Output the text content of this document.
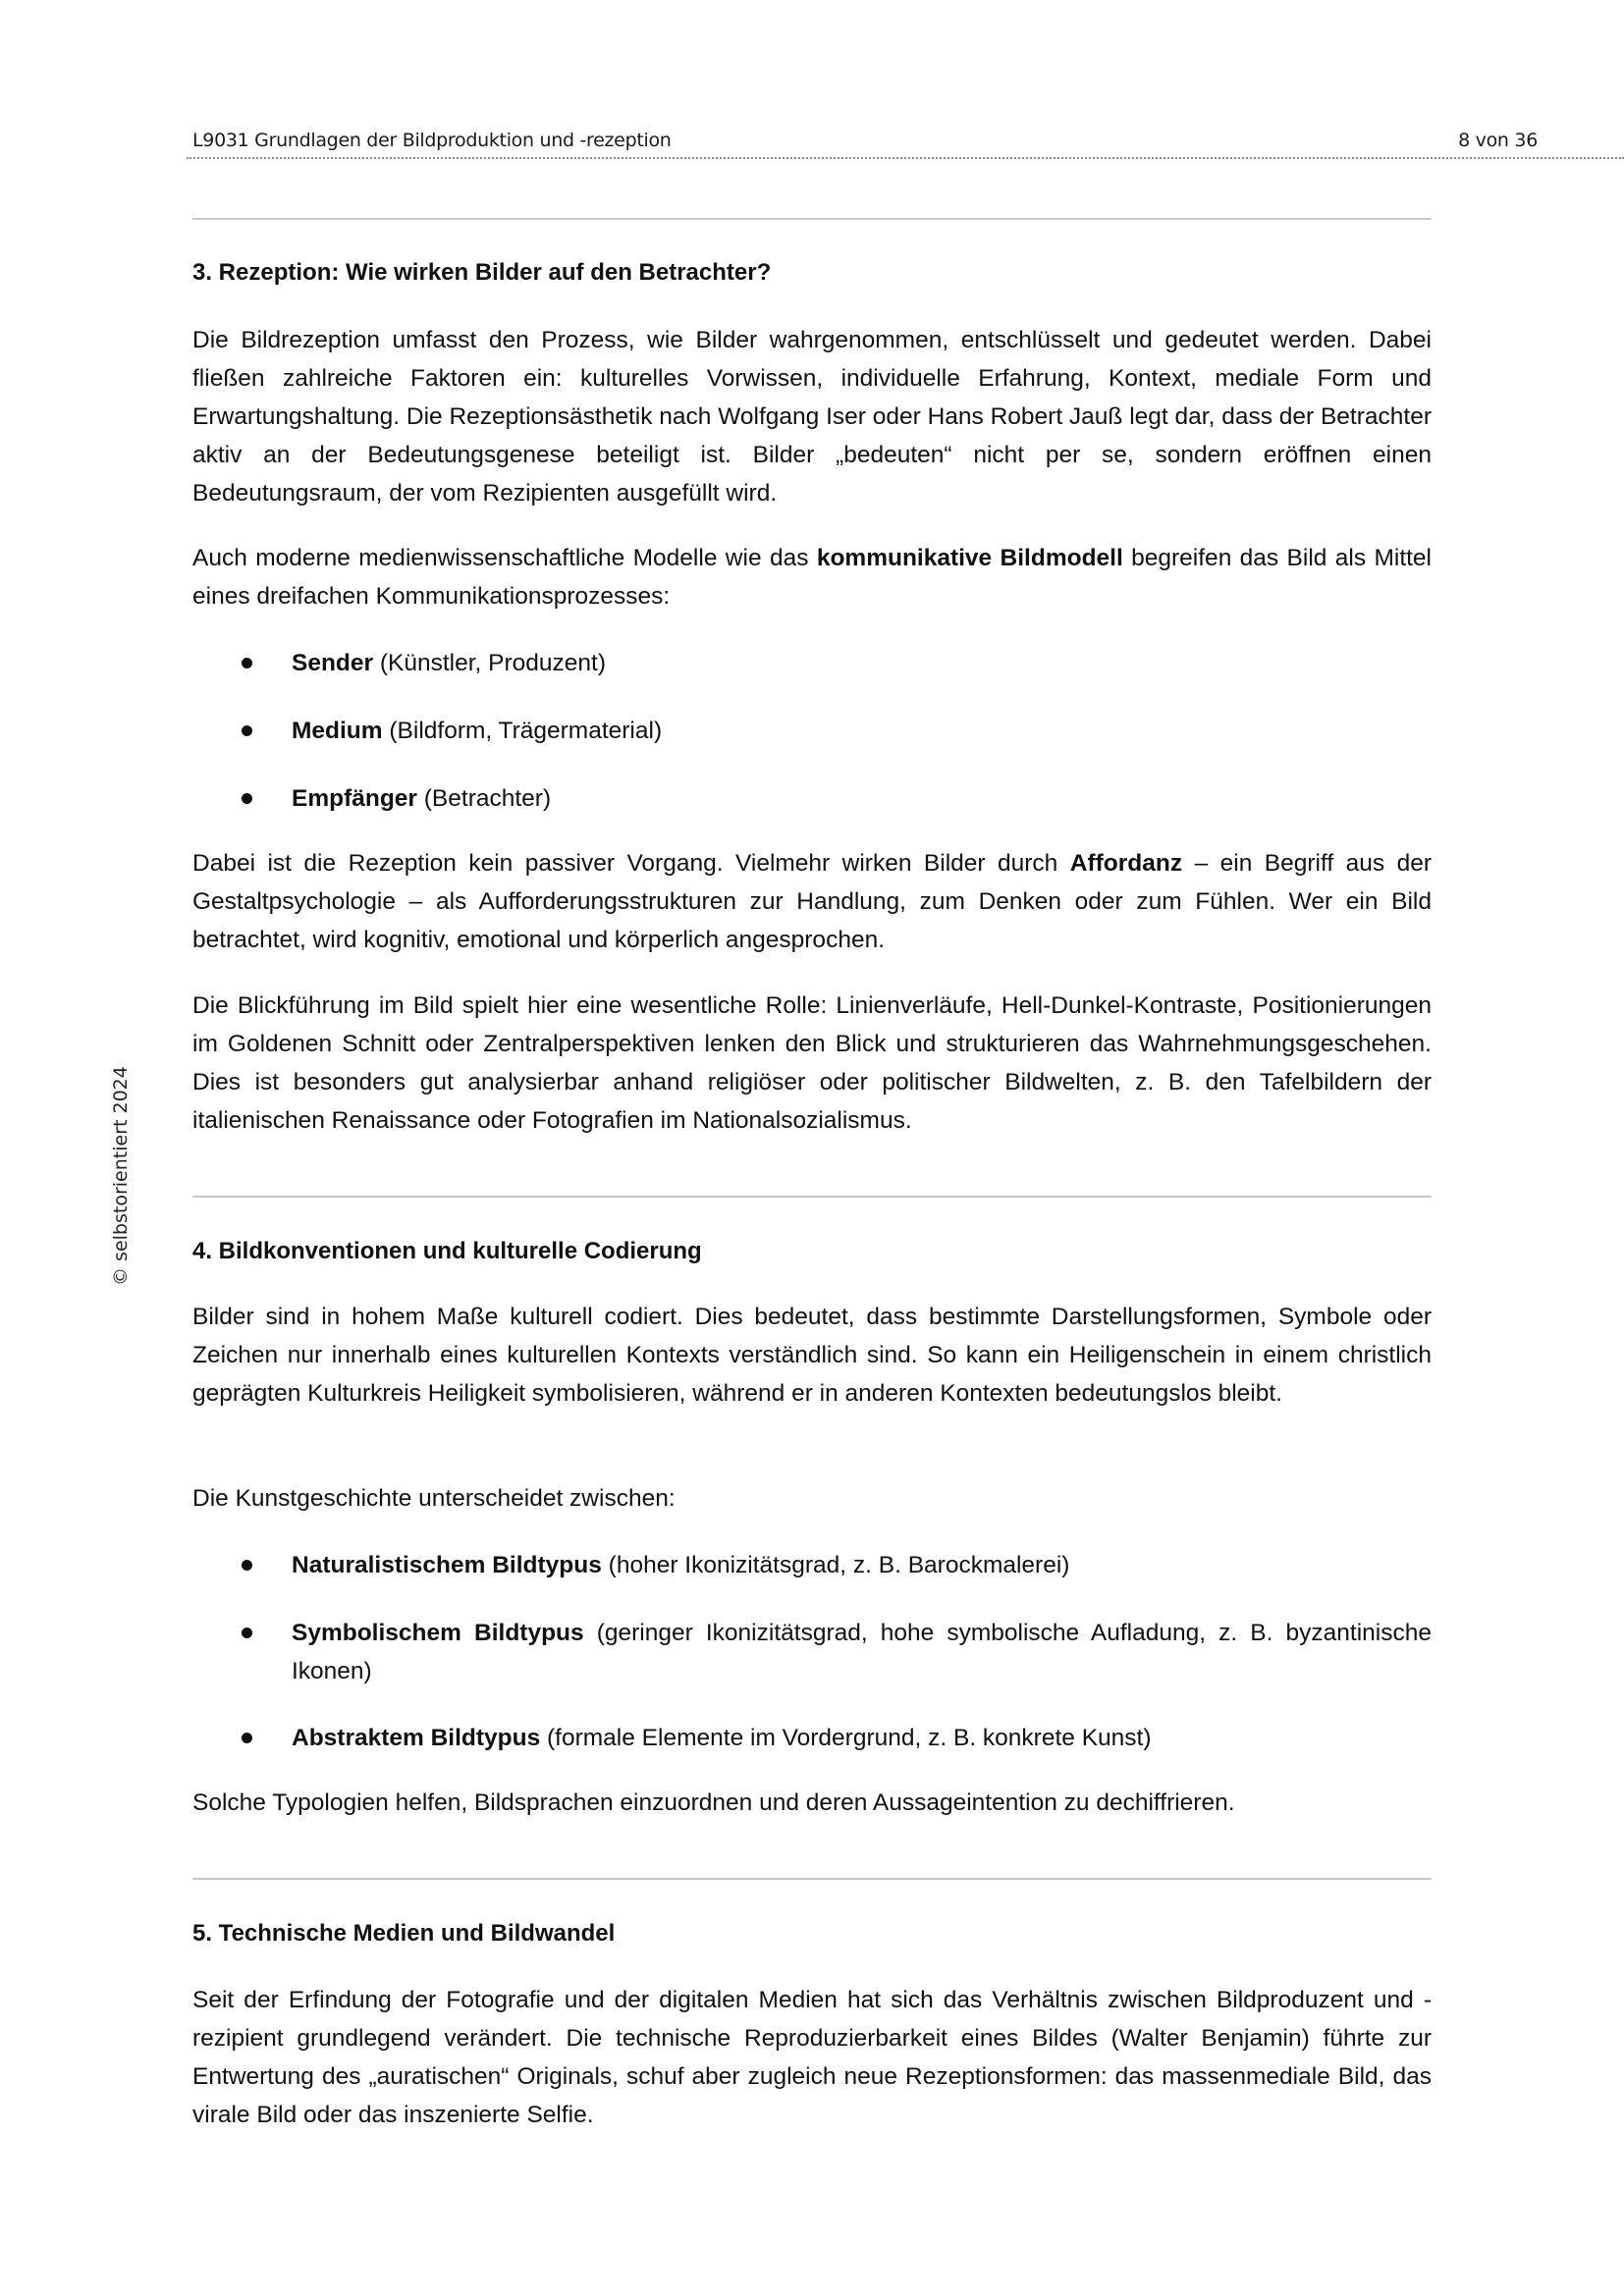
L9031 Grundlagen der Bildproduktion und -rezeption	8 von 36
© selbstorientiert 2024
3. Rezeption: Wie wirken Bilder auf den Betrachter?
Die Bildrezeption umfasst den Prozess, wie Bilder wahrgenommen, entschlüsselt und gedeutet werden. Dabei fließen zahlreiche Faktoren ein: kulturelles Vorwissen, individuelle Erfahrung, Kontext, mediale Form und Erwartungshaltung. Die Rezeptionsästhetik nach Wolfgang Iser oder Hans Robert Jauß legt dar, dass der Betrachter aktiv an der Bedeutungsgenese beteiligt ist. Bilder „bedeuten“ nicht per se, sondern eröffnen einen Bedeutungsraum, der vom Rezipienten ausgefüllt wird.
Auch moderne medienwissenschaftliche Modelle wie das kommunikative Bildmodell begreifen das Bild als Mittel eines dreifachen Kommunikationsprozesses:
Sender (Künstler, Produzent)
Medium (Bildform, Trägermaterial)
Empfänger (Betrachter)
Dabei ist die Rezeption kein passiver Vorgang. Vielmehr wirken Bilder durch Affordanz – ein Begriff aus der Gestaltpsychologie – als Aufforderungsstrukturen zur Handlung, zum Denken oder zum Fühlen. Wer ein Bild betrachtet, wird kognitiv, emotional und körperlich angesprochen.
Die Blickführung im Bild spielt hier eine wesentliche Rolle: Linienverläufe, Hell-Dunkel-Kontraste, Positionierungen im Goldenen Schnitt oder Zentralperspektiven lenken den Blick und strukturieren das Wahrnehmungsgeschehen. Dies ist besonders gut analysierbar anhand religiöser oder politischer Bildwelten, z. B. den Tafelbildern der italienischen Renaissance oder Fotografien im Nationalsozialismus.
4. Bildkonventionen und kulturelle Codierung
Bilder sind in hohem Maße kulturell codiert. Dies bedeutet, dass bestimmte Darstellungsformen, Symbole oder Zeichen nur innerhalb eines kulturellen Kontexts verständlich sind. So kann ein Heiligenschein in einem christlich geprägten Kulturkreis Heiligkeit symbolisieren, während er in anderen Kontexten bedeutungslos bleibt.
Die Kunstgeschichte unterscheidet zwischen:
Naturalistischem Bildtypus (hoher Ikonizitätsgrad, z. B. Barockmalerei)
Symbolischem Bildtypus (geringer Ikonizitätsgrad, hohe symbolische Aufladung, z. B. byzantinische Ikonen)
Abstraktem Bildtypus (formale Elemente im Vordergrund, z. B. konkrete Kunst)
Solche Typologien helfen, Bildsprachen einzuordnen und deren Aussageintention zu dechiffrieren.
5. Technische Medien und Bildwandel
Seit der Erfindung der Fotografie und der digitalen Medien hat sich das Verhältnis zwischen Bildproduzent und -rezipient grundlegend verändert. Die technische Reproduzierbarkeit eines Bildes (Walter Benjamin) führte zur Entwertung des „auratischen“ Originals, schuf aber zugleich neue Rezeptionsformen: das massenmediale Bild, das virale Bild oder das inszenierte Selfie.
